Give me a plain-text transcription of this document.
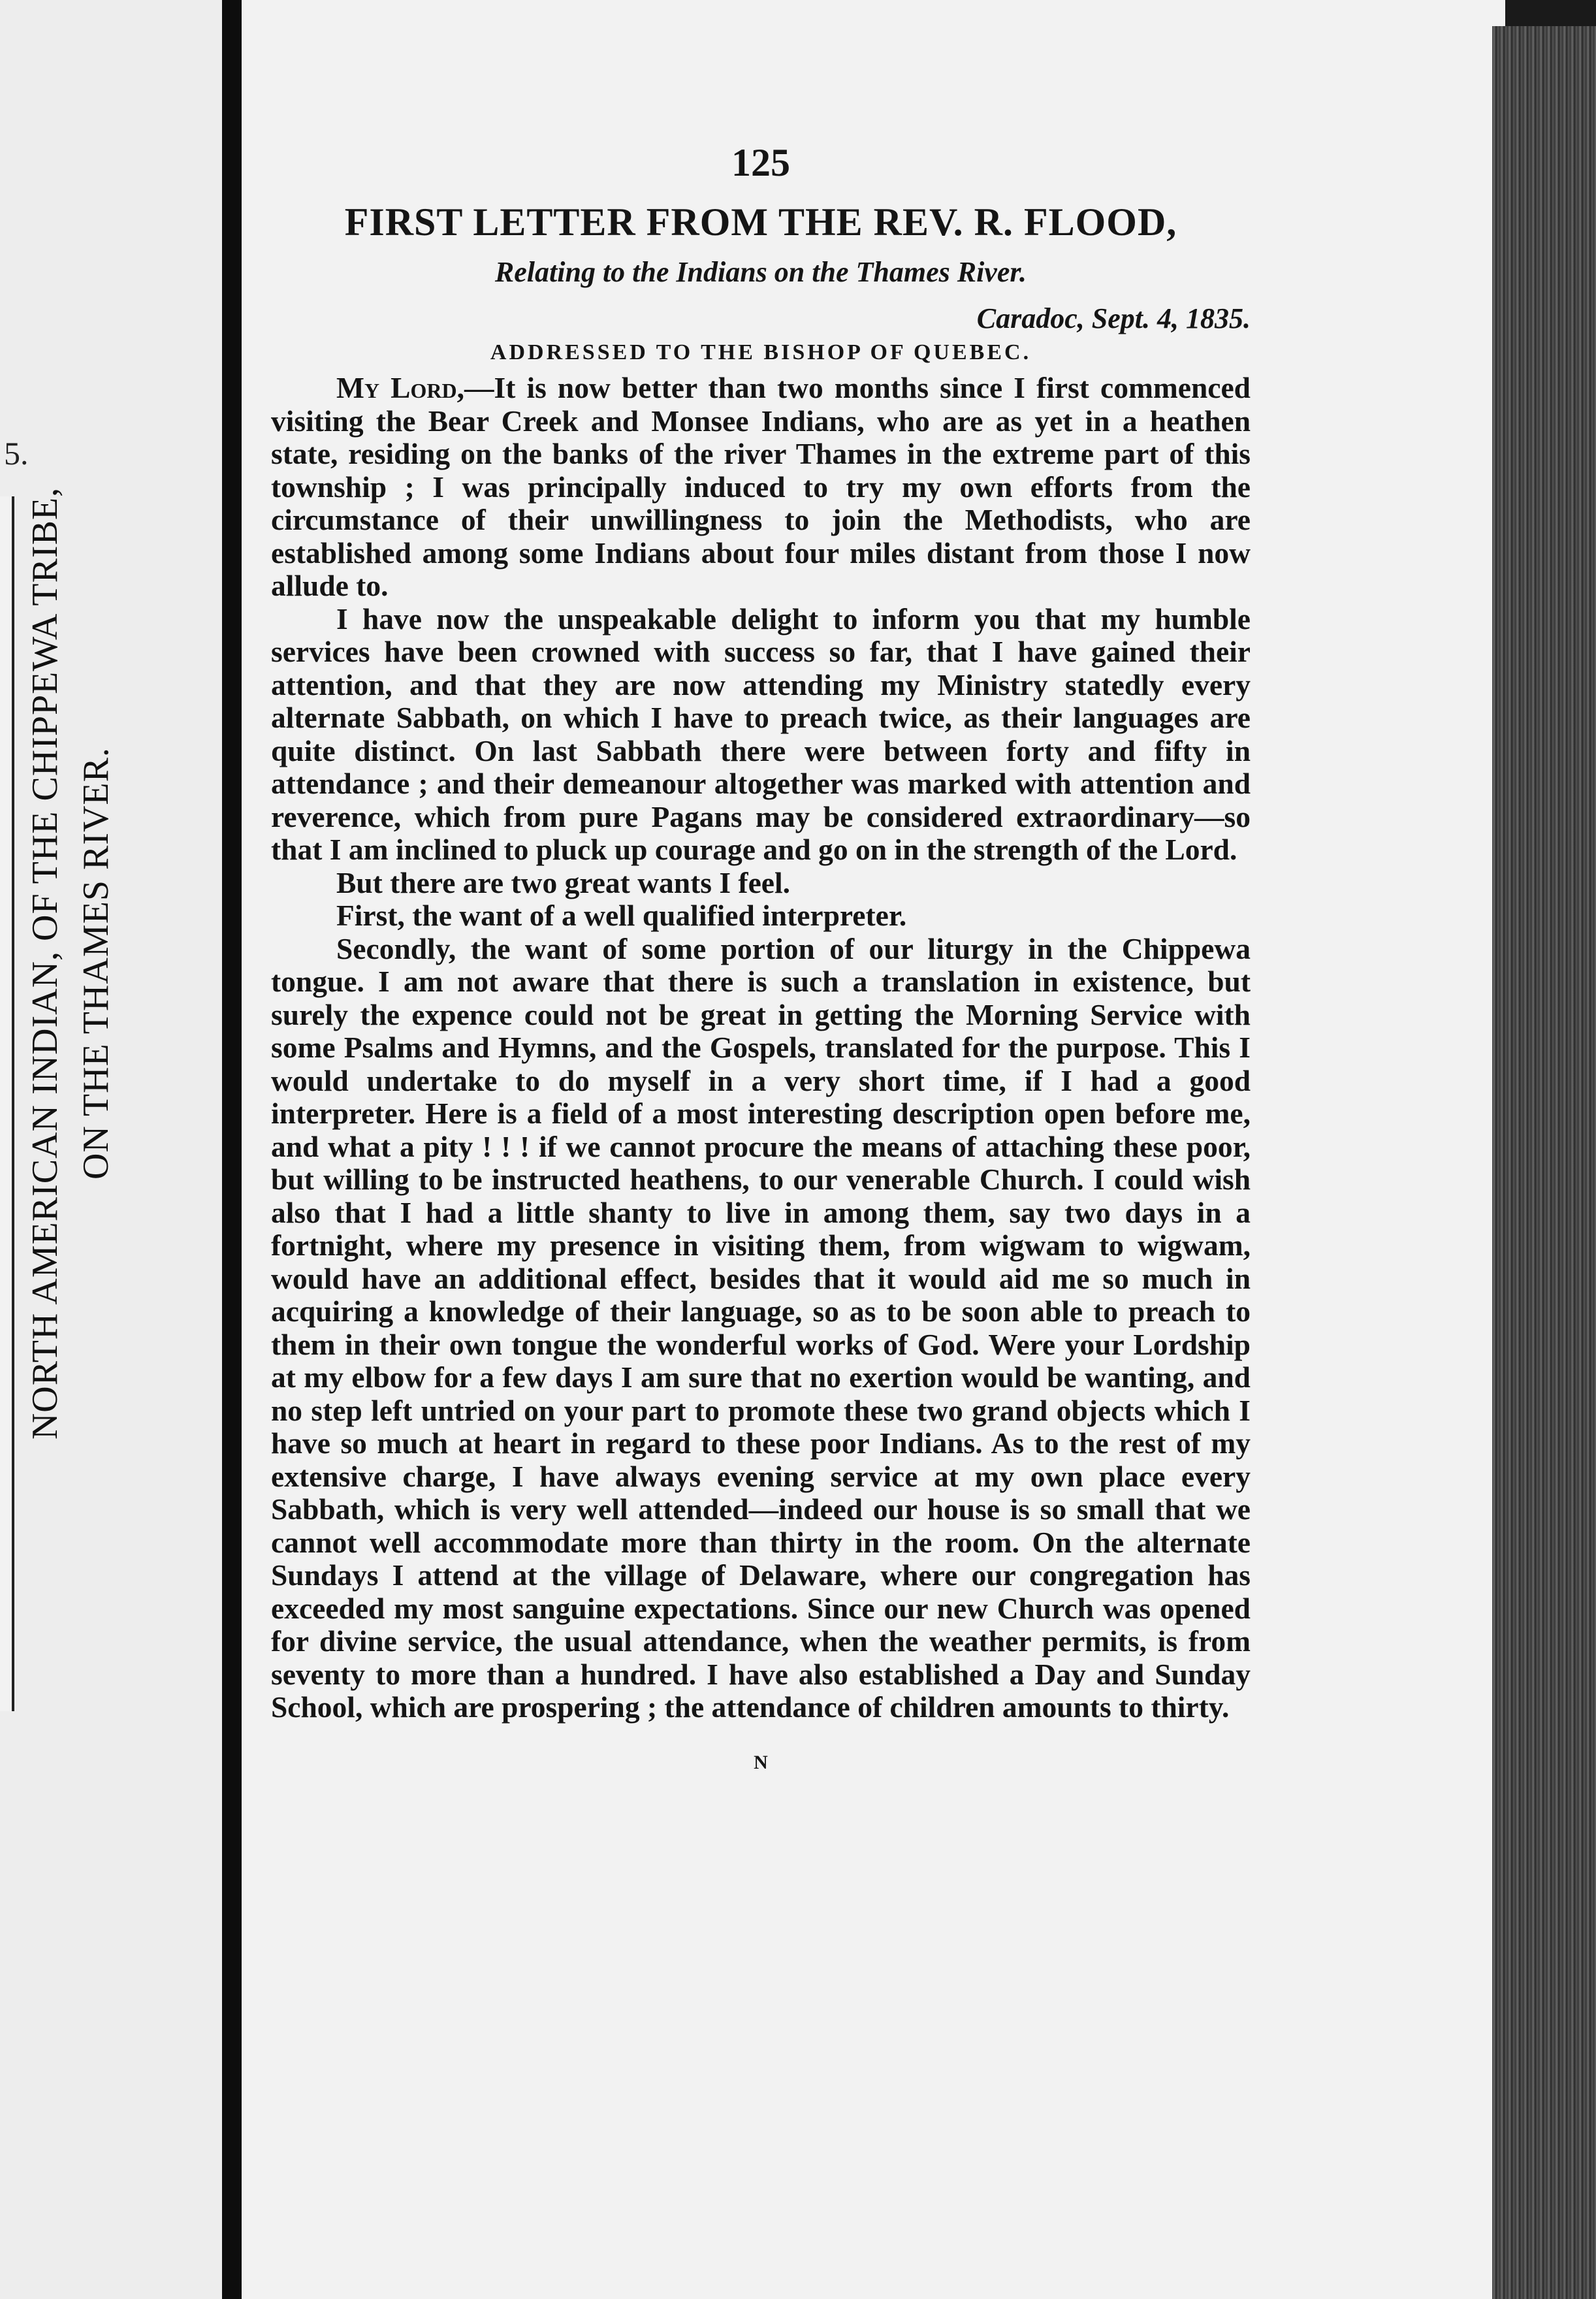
5.
NORTH AMERICAN INDIAN, OF THE CHIPPEWA TRIBE, ON THE THAMES RIVER.
125
FIRST LETTER FROM THE REV. R. FLOOD,
Relating to the Indians on the Thames River.
Caradoc, Sept. 4, 1835.
ADDRESSED TO THE BISHOP OF QUEBEC.

My Lord,—It is now better than two months since I first commenced visiting the Bear Creek and Monsee Indians, who are as yet in a heathen state, residing on the banks of the river Thames in the extreme part of this township ; I was principally induced to try my own efforts from the circumstance of their unwillingness to join the Methodists, who are established among some Indians about four miles distant from those I now allude to.

I have now the unspeakable delight to inform you that my humble services have been crowned with success so far, that I have gained their attention, and that they are now attending my Ministry statedly every alternate Sabbath, on which I have to preach twice, as their languages are quite distinct. On last Sabbath there were between forty and fifty in attendance ; and their demeanour altogether was marked with attention and reverence, which from pure Pagans may be considered extraordinary—so that I am inclined to pluck up courage and go on in the strength of the Lord.

But there are two great wants I feel.

First, the want of a well qualified interpreter.

Secondly, the want of some portion of our liturgy in the Chippewa tongue. I am not aware that there is such a translation in existence, but surely the expence could not be great in getting the Morning Service with some Psalms and Hymns, and the Gospels, translated for the purpose. This I would undertake to do myself in a very short time, if I had a good interpreter. Here is a field of a most interesting description open before me, and what a pity ! ! ! if we cannot procure the means of attaching these poor, but willing to be instructed heathens, to our venerable Church. I could wish also that I had a little shanty to live in among them, say two days in a fortnight, where my presence in visiting them, from wigwam to wigwam, would have an additional effect, besides that it would aid me so much in acquiring a knowledge of their language, so as to be soon able to preach to them in their own tongue the wonderful works of God. Were your Lordship at my elbow for a few days I am sure that no exertion would be wanting, and no step left untried on your part to promote these two grand objects which I have so much at heart in regard to these poor Indians. As to the rest of my extensive charge, I have always evening service at my own place every Sabbath, which is very well attended—indeed our house is so small that we cannot well accommodate more than thirty in the room. On the alternate Sundays I attend at the village of Delaware, where our congregation has exceeded my most sanguine expectations. Since our new Church was opened for divine service, the usual attendance, when the weather permits, is from seventy to more than a hundred. I have also established a Day and Sunday School, which are prospering ; the attendance of children amounts to thirty.

N
